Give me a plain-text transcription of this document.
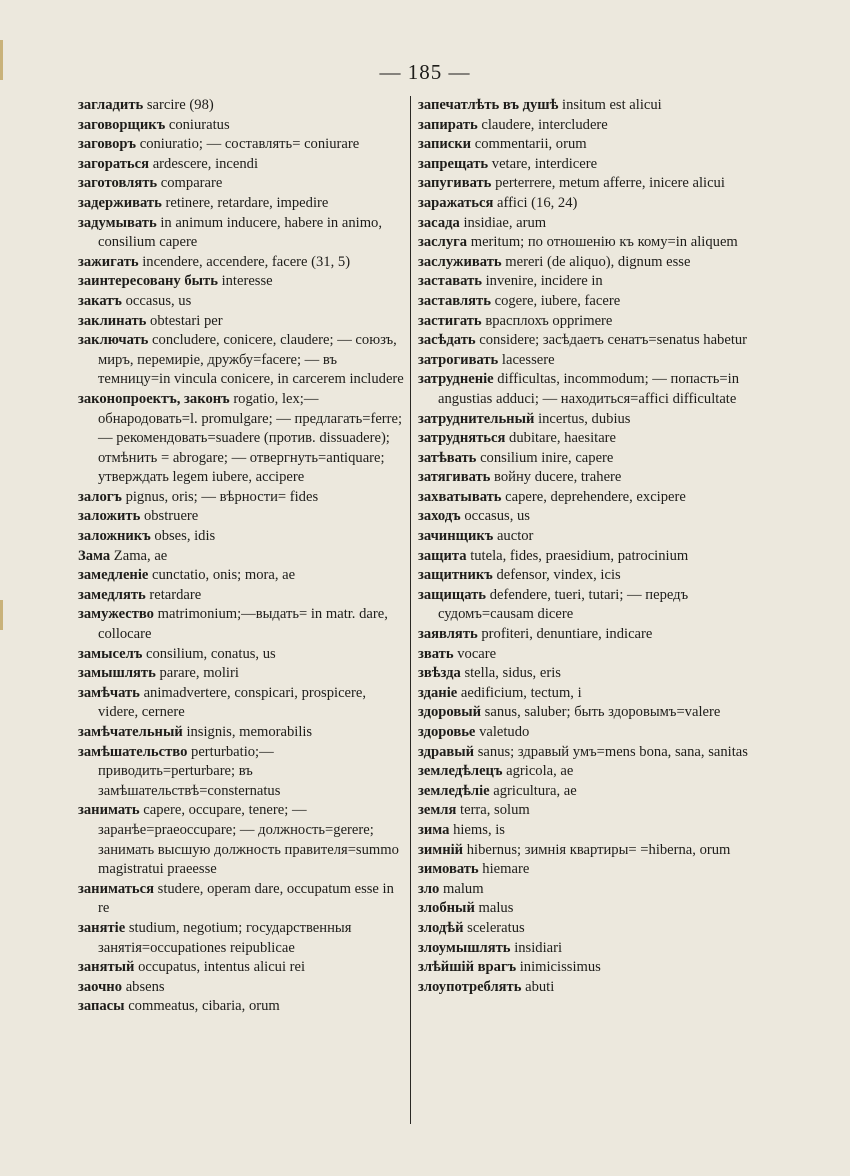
— 185 —
загладить sarcire (98)
заговорщикъ coniuratus
заговоръ coniuratio; — составлять= coniurare
загораться ardescere, incendi
заготовлять comparare
задерживать retinere, retardare, impedire
задумывать in animum inducere, habere in animo, consilium capere
зажигать incendere, accendere, facere (31, 5)
заинтересовану быть interesse
закатъ occasus, us
заклинать obtestari per
заключать concludere, conicere, claudere; — союзъ, миръ, перемиріе, дружбу=facere; — въ темницу=in vincula conicere, in carcerem includere
законопроектъ, законъ rogatio, lex;— обнародовать=l. promulgare; — предлагать=ferre; — рекомендовать=suadere (против. dissuadere); отмѣнить = abrogare; — отвергнуть=antiquare; утверждать legem iubere, accipere
залогъ pignus, oris; — вѣрности= fides
заложить obstruere
заложникъ obses, idis
Зама Zama, ae
замедленіе cunctatio, onis; mora, ae
замедлять retardare
замужество matrimonium;—выдать= in matr. dare, collocare
замыселъ consilium, conatus, us
замышлять parare, moliri
замѣчать animadvertere, conspicari, prospicere, videre, cernere
замѣчательный insignis, memorabilis
замѣшательство perturbatio;—приводить=perturbare; въ замѣшательствѣ=consternatus
занимать capere, occupare, tenere; — заранѣе=praeoccupare; — должность=gerere; занимать высшую должность правителя=summo magistratui praeesse
заниматься studere, operam dare, occupatum esse in re
занятіе studium, negotium; государственныя занятія=occupationes reipublicae
занятый occupatus, intentus alicui rei
заочно absens
запасы commeatus, cibaria, orum
запечатлѣть въ душѣ insitum est alicui
запирать claudere, intercludere
записки commentarii, orum
запрещать vetare, interdicere
запугивать perterrere, metum afferre, inicere alicui
заражаться affici (16, 24)
засада insidiae, arum
заслуга meritum; по отношенію къ кому=in aliquem
заслуживать mereri (de aliquo), dignum esse
заставать invenire, incidere in
заставлять cogere, iubere, facere
застигать врасплохъ opprimere
засѣдать considere; засѣдаетъ сенатъ=senatus habetur
затрогивать lacessere
затрудненіе difficultas, incommodum; — попасть=in angustias adduci; — находиться=affici difficultate
затруднительный incertus, dubius
затрудняться dubitare, haesitare
затѣвать consilium inire, capere
затягивать войну ducere, trahere
захватывать capere, deprehendere, excipere
заходъ occasus, us
зачинщикъ auctor
защита tutela, fides, praesidium, patrocinium
защитникъ defensor, vindex, icis
защищать defendere, tueri, tutari; — передъ судомъ=causam dicere
заявлять profiteri, denuntiare, indicare
звать vocare
звѣзда stella, sidus, eris
зданіе aedificium, tectum, i
здоровый sanus, saluber; быть здоровымъ=valere
здоровье valetudo
здравый sanus; здравый умъ=mens bona, sana, sanitas
земледѣлецъ agricola, ae
земледѣліе agricultura, ae
земля terra, solum
зима hiems, is
зимній hibernus; зимнія квартиры= =hiberna, orum
зимовать hiemare
зло malum
злобный malus
злодѣй sceleratus
злоумышлять insidiari
злѣйшій врагъ inimicissimus
злоупотреблять abuti
